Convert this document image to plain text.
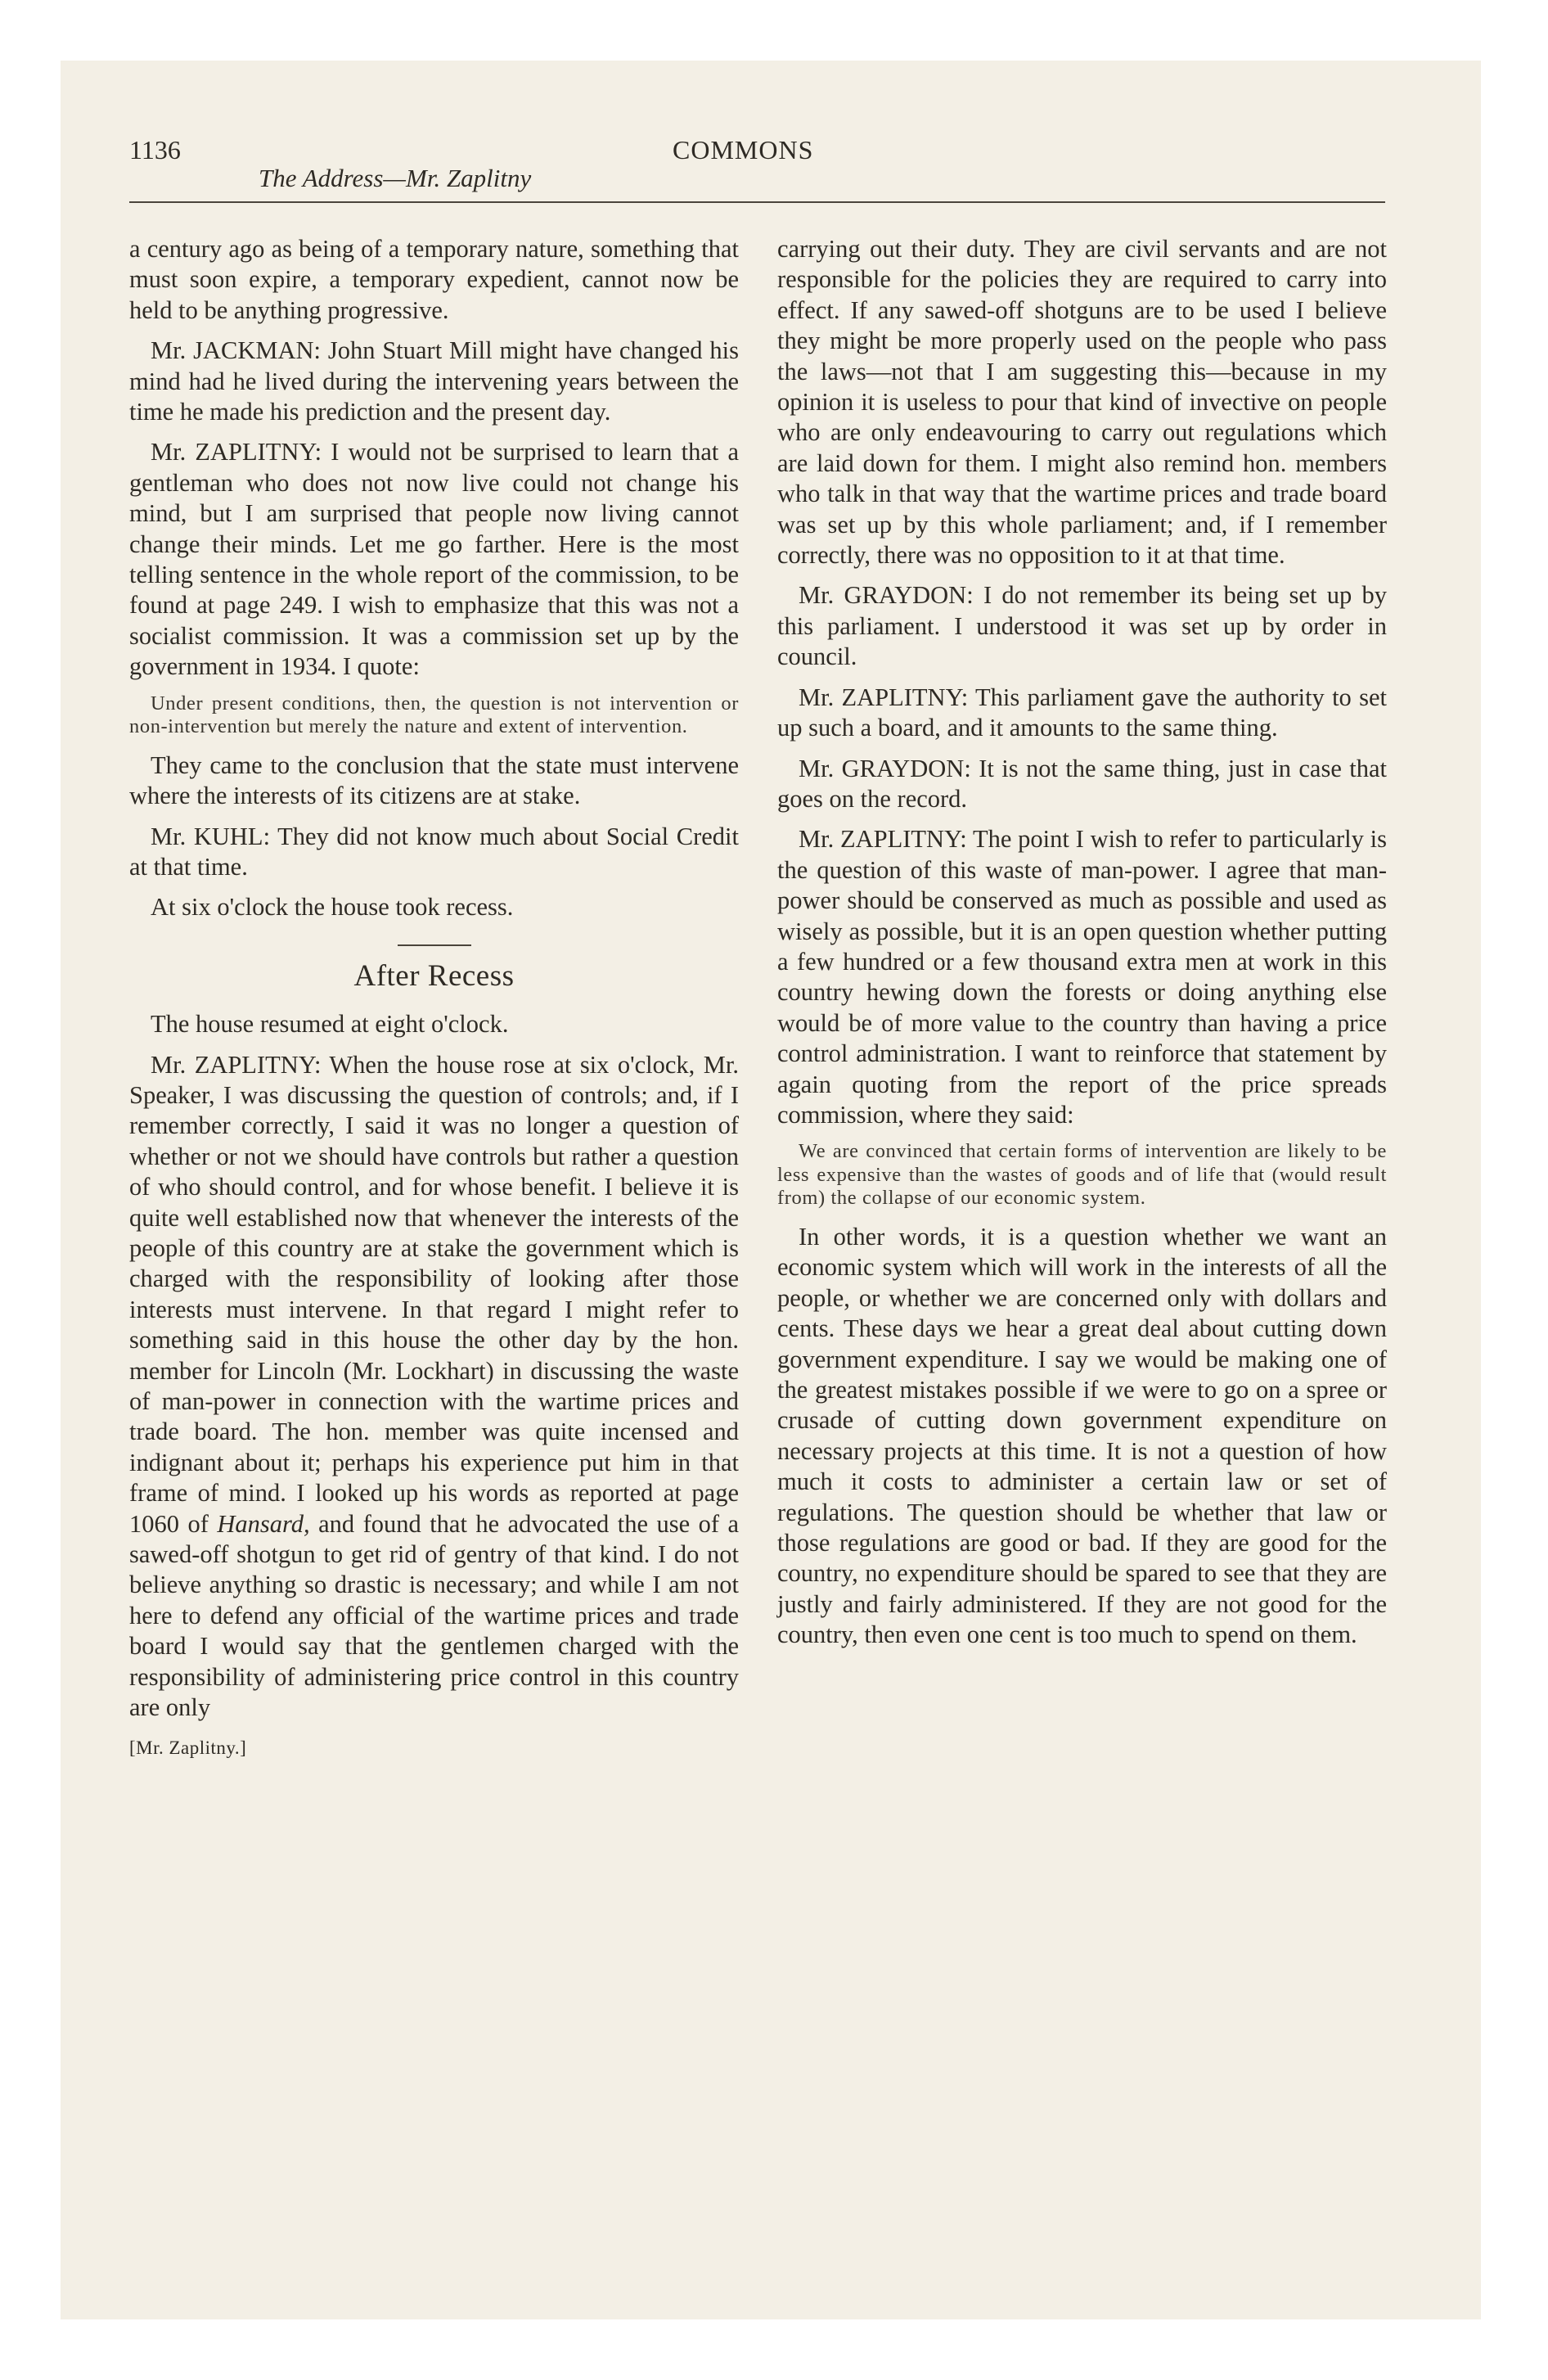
1136	COMMONS
The Address—Mr. Zaplitny

a century ago as being of a temporary nature, something that must soon expire, a temporary expedient, cannot now be held to be anything progressive.

Mr. JACKMAN: John Stuart Mill might have changed his mind had he lived during the intervening years between the time he made his prediction and the present day.

Mr. ZAPLITNY: I would not be surprised to learn that a gentleman who does not now live could not change his mind, but I am surprised that people now living cannot change their minds. Let me go farther. Here is the most telling sentence in the whole report of the commission, to be found at page 249. I wish to emphasize that this was not a socialist commission. It was a commission set up by the government in 1934. I quote:

Under present conditions, then, the question is not intervention or non-intervention but merely the nature and extent of intervention.

They came to the conclusion that the state must intervene where the interests of its citizens are at stake.

Mr. KUHL: They did not know much about Social Credit at that time.

At six o'clock the house took recess.

After Recess

The house resumed at eight o'clock.

Mr. ZAPLITNY: When the house rose at six o'clock, Mr. Speaker, I was discussing the question of controls; and, if I remember correctly, I said it was no longer a question of whether or not we should have controls but rather a question of who should control, and for whose benefit. I believe it is quite well established now that whenever the interests of the people of this country are at stake the government which is charged with the responsibility of looking after those interests must intervene. In that regard I might refer to something said in this house the other day by the hon. member for Lincoln (Mr. Lockhart) in discussing the waste of man-power in connection with the wartime prices and trade board. The hon. member was quite incensed and indignant about it; perhaps his experience put him in that frame of mind. I looked up his words as reported at page 1060 of Hansard, and found that he advocated the use of a sawed-off shotgun to get rid of gentry of that kind. I do not believe anything so drastic is necessary; and while I am not here to defend any official of the wartime prices and trade board I would say that the gentlemen charged with the responsibility of administering price control in this country are only

[Mr. Zaplitny.]

carrying out their duty. They are civil servants and are not responsible for the policies they are required to carry into effect. If any sawed-off shotguns are to be used I believe they might be more properly used on the people who pass the laws—not that I am suggesting this—because in my opinion it is useless to pour that kind of invective on people who are only endeavouring to carry out regulations which are laid down for them. I might also remind hon. members who talk in that way that the wartime prices and trade board was set up by this whole parliament; and, if I remember correctly, there was no opposition to it at that time.

Mr. GRAYDON: I do not remember its being set up by this parliament. I understood it was set up by order in council.

Mr. ZAPLITNY: This parliament gave the authority to set up such a board, and it amounts to the same thing.

Mr. GRAYDON: It is not the same thing, just in case that goes on the record.

Mr. ZAPLITNY: The point I wish to refer to particularly is the question of this waste of man-power. I agree that man-power should be conserved as much as possible and used as wisely as possible, but it is an open question whether putting a few hundred or a few thousand extra men at work in this country hewing down the forests or doing anything else would be of more value to the country than having a price control administration. I want to reinforce that statement by again quoting from the report of the price spreads commission, where they said:

We are convinced that certain forms of intervention are likely to be less expensive than the wastes of goods and of life that (would result from) the collapse of our economic system.

In other words, it is a question whether we want an economic system which will work in the interests of all the people, or whether we are concerned only with dollars and cents. These days we hear a great deal about cutting down government expenditure. I say we would be making one of the greatest mistakes possible if we were to go on a spree or crusade of cutting down government expenditure on necessary projects at this time. It is not a question of how much it costs to administer a certain law or set of regulations. The question should be whether that law or those regulations are good or bad. If they are good for the country, no expenditure should be spared to see that they are justly and fairly administered. If they are not good for the country, then even one cent is too much to spend on them.
